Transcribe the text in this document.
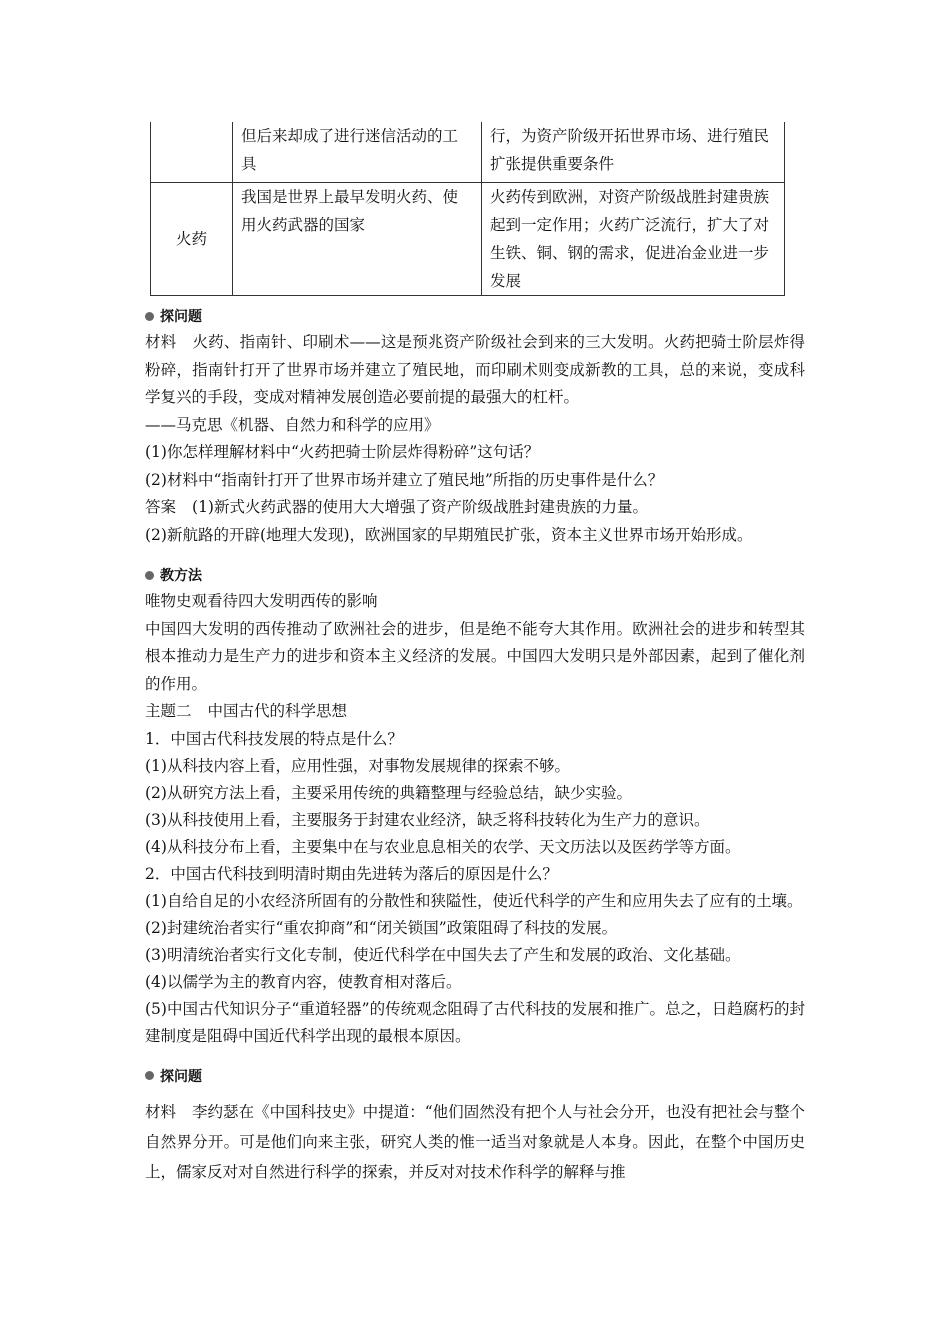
	但后来却成了进行迷信活动的工具	行，为资产阶级开拓世界市场、进行殖民扩张提供重要条件
火药	我国是世界上最早发明火药、使用火药武器的国家	火药传到欧洲，对资产阶级战胜封建贵族起到一定作用；火药广泛流行，扩大了对生铁、铜、钢的需求，促进冶金业进一步发展
探问题

材料 火药、指南针、印刷术——这是预兆资产阶级社会到来的三大发明。火药把骑士阶层炸得粉碎，指南针打开了世界市场并建立了殖民地，而印刷术则变成新教的工具，总的来说，变成科学复兴的手段，变成对精神发展创造必要前提的最强大的杠杆。

——马克思《机器、自然力和科学的应用》

(1)你怎样理解材料中“火药把骑士阶层炸得粉碎”这句话？

(2)材料中“指南针打开了世界市场并建立了殖民地”所指的历史事件是什么？

答案 (1)新式火药武器的使用大大增强了资产阶级战胜封建贵族的力量。

(2)新航路的开辟(地理大发现)，欧洲国家的早期殖民扩张，资本主义世界市场开始形成。

教方法

唯物史观看待四大发明西传的影响

中国四大发明的西传推动了欧洲社会的进步，但是绝不能夸大其作用。欧洲社会的进步和转型其根本推动力是生产力的进步和资本主义经济的发展。中国四大发明只是外部因素，起到了催化剂的作用。

主题二 中国古代的科学思想

1．中国古代科技发展的特点是什么？

(1)从科技内容上看，应用性强，对事物发展规律的探索不够。

(2)从研究方法上看，主要采用传统的典籍整理与经验总结，缺少实验。

(3)从科技使用上看，主要服务于封建农业经济，缺乏将科技转化为生产力的意识。

(4)从科技分布上看，主要集中在与农业息息相关的农学、天文历法以及医药学等方面。

2．中国古代科技到明清时期由先进转为落后的原因是什么？

(1)自给自足的小农经济所固有的分散性和狭隘性，使近代科学的产生和应用失去了应有的土壤。

(2)封建统治者实行“重农抑商”和“闭关锁国”政策阻碍了科技的发展。

(3)明清统治者实行文化专制，使近代科学在中国失去了产生和发展的政治、文化基础。

(4)以儒学为主的教育内容，使教育相对落后。

(5)中国古代知识分子“重道轻器”的传统观念阻碍了古代科技的发展和推广。总之，日趋腐朽的封建制度是阻碍中国近代科学出现的最根本原因。

探问题

材料 李约瑟在《中国科技史》中提道：“他们固然没有把个人与社会分开，也没有把社会与整个自然界分开。可是他们向来主张，研究人类的惟一适当对象就是人本身。因此，在整个中国历史上，儒家反对对自然进行科学的探索，并反对对技术作科学的解释与推
